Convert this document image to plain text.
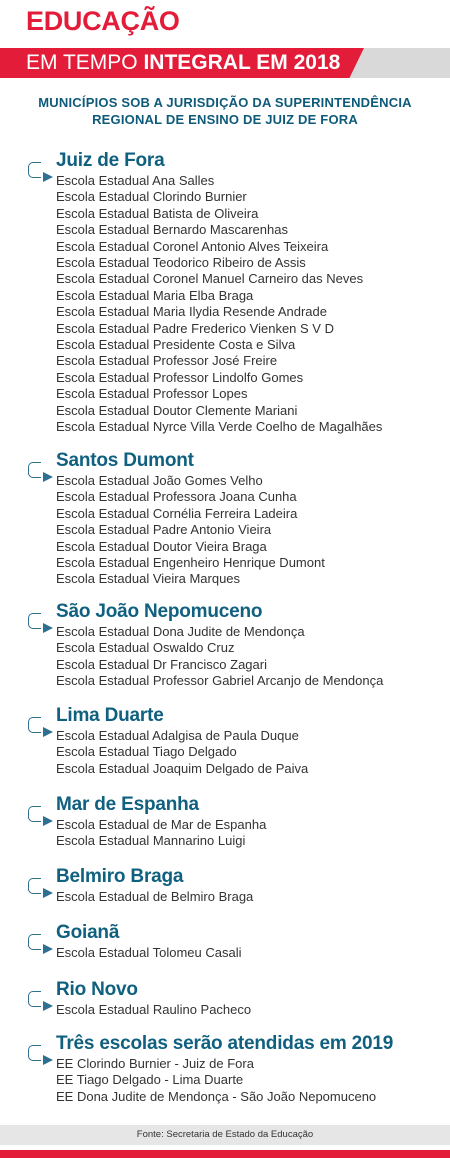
EDUCAÇÃO
EM TEMPO INTEGRAL EM 2018
MUNICÍPIOS SOB A JURISDIÇÃO DA SUPERINTENDÊNCIA
REGIONAL DE ENSINO DE JUIZ DE FORA
Juiz de Fora
Escola Estadual Ana Salles
Escola Estadual Clorindo Burnier
Escola Estadual Batista de Oliveira
Escola Estadual Bernardo Mascarenhas
Escola Estadual Coronel Antonio Alves Teixeira
Escola Estadual Teodorico Ribeiro de Assis
Escola Estadual Coronel Manuel Carneiro das Neves
Escola Estadual Maria Elba Braga
Escola Estadual Maria Ilydia Resende Andrade
Escola Estadual Padre Frederico Vienken S V D
Escola Estadual Presidente Costa e Silva
Escola Estadual Professor José Freire
Escola Estadual Professor Lindolfo Gomes
Escola Estadual Professor Lopes
Escola Estadual Doutor Clemente Mariani
Escola Estadual Nyrce Villa Verde Coelho de Magalhães
Santos Dumont
Escola Estadual João Gomes Velho
Escola Estadual Professora Joana Cunha
Escola Estadual Cornélia Ferreira Ladeira
Escola Estadual Padre Antonio Vieira
Escola Estadual Doutor Vieira Braga
Escola Estadual Engenheiro Henrique Dumont
Escola Estadual Vieira Marques
São João Nepomuceno
Escola Estadual Dona Judite de Mendonça
Escola Estadual Oswaldo Cruz
Escola Estadual Dr Francisco Zagari
Escola Estadual Professor Gabriel Arcanjo de Mendonça
Lima Duarte
Escola Estadual Adalgisa de Paula Duque
Escola Estadual Tiago Delgado
Escola Estadual Joaquim Delgado de Paiva
Mar de Espanha
Escola Estadual de Mar de Espanha
Escola Estadual Mannarino Luigi
Belmiro Braga
Escola Estadual de Belmiro Braga
Goianã
Escola Estadual Tolomeu Casali
Rio Novo
Escola Estadual Raulino Pacheco
Três escolas serão atendidas em 2019
EE Clorindo Burnier - Juiz de Fora
EE Tiago Delgado - Lima Duarte
EE Dona Judite de Mendonça - São João Nepomuceno
Fonte: Secretaria de Estado da Educação
